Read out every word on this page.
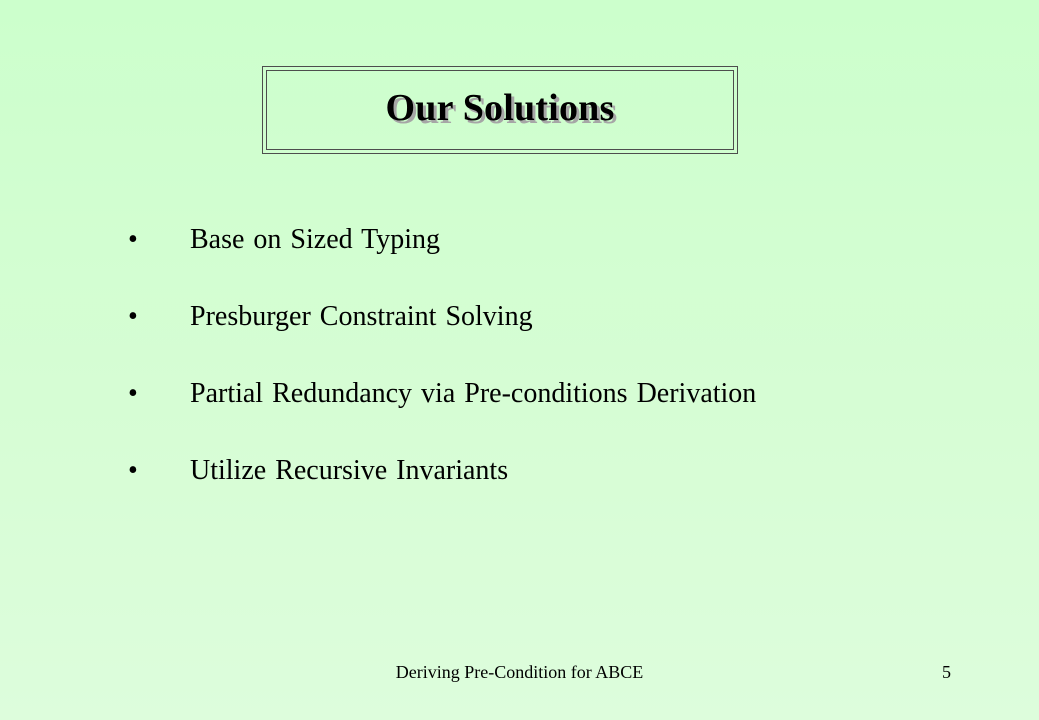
Our Solutions
• Base on Sized Typing
• Presburger Constraint Solving
• Partial Redundancy via Pre-conditions Derivation
• Utilize Recursive Invariants
Deriving Pre-Condition for ABCE	5
